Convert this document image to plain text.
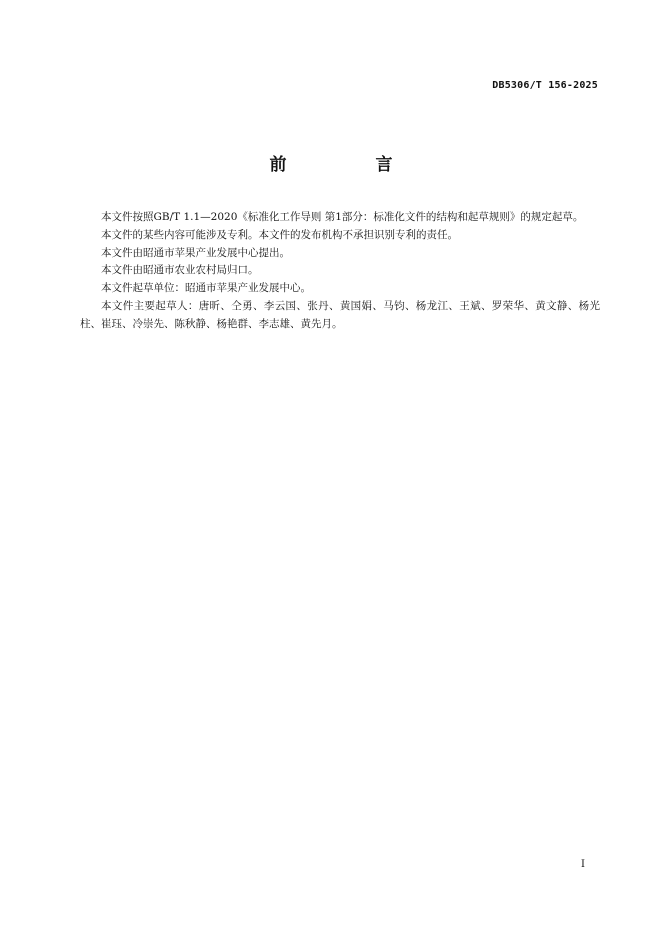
DB5306/T 156-2025
前　言

本文件按照GB/T 1.1—2020《标准化工作导则 第1部分：标准化文件的结构和起草规则》的规定起草。

本文件的某些内容可能涉及专利。本文件的发布机构不承担识别专利的责任。

本文件由昭通市苹果产业发展中心提出。

本文件由昭通市农业农村局归口。

本文件起草单位：昭通市苹果产业发展中心。

本文件主要起草人：唐昕、仝勇、李云国、张丹、黄国娟、马钧、杨龙江、王斌、罗荣华、黄文静、杨光柱、崔珏、冷崇先、陈秋静、杨艳群、李志雄、黄先月。

I
